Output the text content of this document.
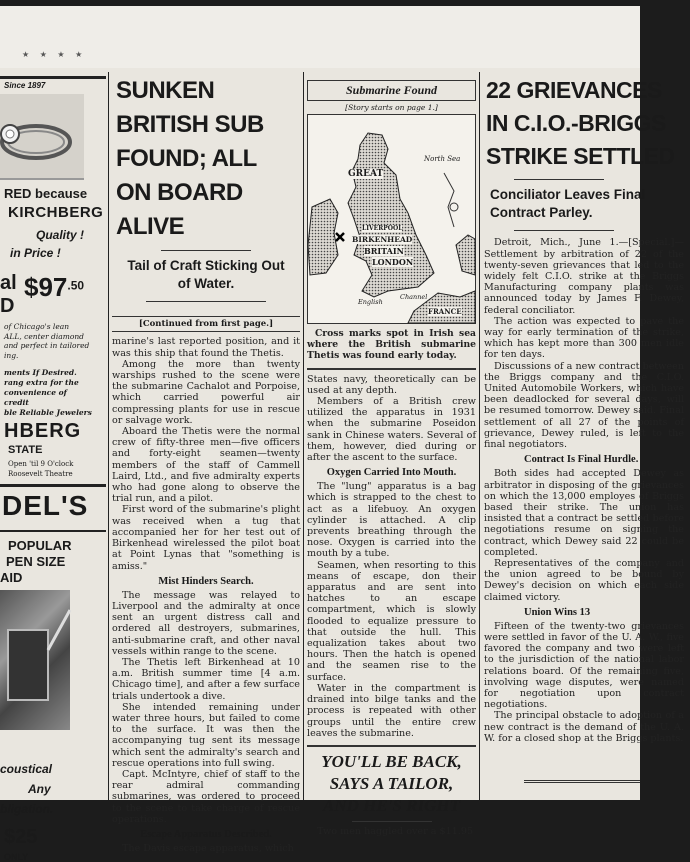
★ ★ ★ ★
Since 1897
RED because
KIRCHBERG
Quality !
in Price !
al
D
$\$97^{.50}$
of Chicago's lean
ALL, center diamond
and perfect in tailored
ing.
ments If Desired.
rang extra for the
convenience of
credit
ble Reliable Jewelers
HBERG
STATE
Open 'til 9 O'clock
Roosevelt Theatre
DEL'S
POPULAR
PEN SIZE
AID
coustical
Any
bligation.
$25
ONLY
SUNKEN BRITISH SUB FOUND; ALL ON BOARD ALIVE
Tail of Craft Sticking Out of Water.
[Continued from first page.]

marine's last reported position, and it was this ship that found the Thetis.

Among the more than twenty warships rushed to the scene were the submarine Cachalot and Porpoise, which carried powerful air compressing plants for use in rescue or salvage work.

Aboard the Thetis were the normal crew of fifty-three men—five officers and forty-eight seamen—twenty members of the staff of Cammell Laird, Ltd., and five admiralty experts who had gone along to observe the trial run, and a pilot.

First word of the submarine's plight was received when a tug that accompanied her for her test out of Birkenhead wirelessed the pilot boat at Point Lynas that "something is amiss."

Mist Hinders Search.

The message was relayed to Liverpool and the admiralty at once sent an urgent distress call and ordered all destroyers, submarines, anti-submarine craft, and other naval vessels within range to the scene.

The Thetis left Birkenhead at 10 a.m. British summer time [4 a.m. Chicago time], and after a few surface trials undertook a dive.

She intended remaining under water three hours, but failed to come to the surface. It was then the accompanying tug sent its message which sent the admiralty's search and rescue operations into full swing.

Capt. McIntyre, chief of staff to the rear admiral commanding submarines, was ordered to proceed to the scene to take charge of rescue operations.

Escape Apparatus Described.

The Davis escape apparatus, which

Submarine Found
[Story starts on page 1.]
North Sea
GREAT
LIVERPOOL
BIRKENHEAD
BRITAIN
LONDON
English
Channel
FRANCE

Cross marks spot in Irish sea where the British submarine Thetis was found early today.

States navy, theoretically can be used at any depth.

Members of a British crew utilized the apparatus in 1931 when the submarine Poseidon sank in Chinese waters. Several of them, however, died during or after the ascent to the surface.

Oxygen Carried Into Mouth.

The "lung" apparatus is a bag which is strapped to the chest to act as a lifebuoy. An oxygen cylinder is attached. A clip prevents breathing through the nose. Oxygen is carried into the mouth by a tube.

Seamen, when resorting to this means of escape, don their apparatus and are sent into hatches to an escape compartment, which is slowly flooded to equalize pressure to that outside the hull. This equalization takes about two hours. Then the hatch is opened and the seamen rise to the surface.

Water in the compartment is drained into bilge tanks and the process is repeated with other groups until the entire crew leaves the submarine.

YOU'LL BE BACK,
SAYS A TAILOR,
AND HE'S RIGHT

Two men haggled over a $11.95

22 GRIEVANCES IN C.I.O.-BRIGGS STRIKE SETTLED
Conciliator Leaves Final Contract Parley.

Detroit, Mich., June 1.—[Special.]—Settlement by arbitration of 22 of the twenty-seven grievances that led to the widely felt C.I.O. strike at the Briggs Manufacturing company plants was announced today by James F. Dewey, federal conciliator.

The action was expected to pave the way for early termination of the strike, which has kept more than 300 men idle for ten days.

Discussions of a new contract between the Briggs company and the C.I.O. United Automobile Workers, which have been deadlocked for several days, will be resumed tomorrow. Dewey said. Final settlement of all 27 of the points of grievance, Dewey ruled, is left to the final negotiators.

Contract Is Final Hurdle.

Both sides had accepted Dewey as arbitrator in disposing of the grievances on which the 13,000 employes of Briggs based their strike. The union has insisted that a contract be settled before negotiations resume on signing the contract, which Dewey said 22 could be completed.

Representatives of the company and the union agreed to be bound by Dewey's decision on which each side claimed victory.

Union Wins 13

Fifteen of the twenty-two grievances were settled in favor of the U. A. W., five favored the company and two were left to the jurisdiction of the national labor relations board. Of the remaining five, involving wage disputes, were named for negotiation upon contract negotiations.

The principal obstacle to adoption of a new contract is the demand of the U. A. W. for a closed shop at the Briggs plants.
